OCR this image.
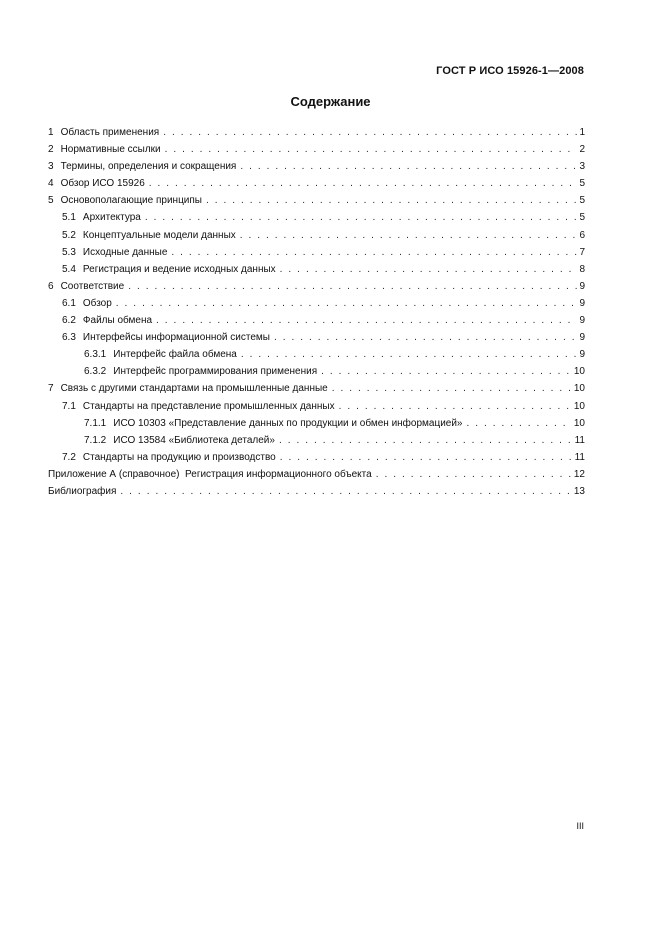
ГОСТ Р ИСО 15926-1—2008
Содержание
1 Область применения . . .	1
2 Нормативные ссылки . . .	2
3 Термины, определения и сокращения . . .	3
4 Обзор ИСО 15926 . . .	5
5 Основополагающие принципы . . .	5
5.1 Архитектура . . .	5
5.2 Концептуальные модели данных . . .	6
5.3 Исходные данные . . .	7
5.4 Регистрация и ведение исходных данных . . .	8
6 Соответствие . . .	9
6.1 Обзор . . .	9
6.2 Файлы обмена . . .	9
6.3 Интерфейсы информационной системы . . .	9
6.3.1 Интерфейс файла обмена . . .	9
6.3.2 Интерфейс программирования применения . . .	10
7 Связь с другими стандартами на промышленные данные . . .	10
7.1 Стандарты на представление промышленных данных . . .	10
7.1.1 ИСО 10303 «Представление данных по продукции и обмен информацией» . . .	10
7.1.2 ИСО 13584 «Библиотека деталей» . . .	11
7.2 Стандарты на продукцию и производство . . .	11
Приложение А (справочное)  Регистрация информационного объекта . . .	12
Библиография . . .	13
III
